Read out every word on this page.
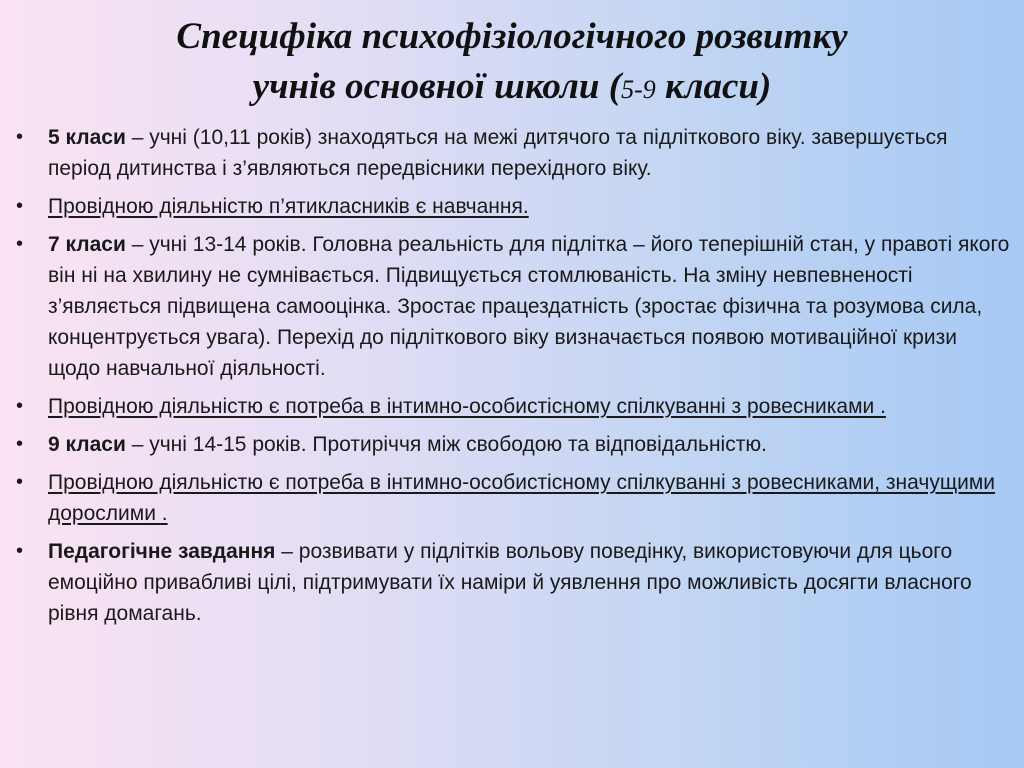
Специфіка психофізіологічного розвитку
учнів основної школи (5-9 класи)
• 5 класи – учні (10,11 років) знаходяться на межі дитячого та підліткового віку. завершується період дитинства і з’являються передвісники перехідного віку.
• Провідною діяльністю п’ятикласників є навчання.
• 7 класи – учні 13-14 років. Головна реальність для підлітка – його теперішній стан, у правоті якого він ні на хвилину не сумнівається. Підвищується стомлюваність. На зміну невпевненості з’являється підвищена самооцінка. Зростає працездатність (зростає фізична та розумова сила, концентрується увага). Перехід до підліткового віку визначається появою мотиваційної кризи щодо навчальної діяльності.
• Провідною діяльністю є потреба в інтимно-особистісному спілкуванні з ровесниками .
• 9 класи – учні 14-15 років. Протиріччя між свободою та відповідальністю.
• Провідною діяльністю є потреба в інтимно-особистісному спілкуванні з ровесниками, значущими дорослими .
• Педагогічне завдання – розвивати у підлітків вольову поведінку, використовуючи для цього емоційно привабливі цілі, підтримувати їх наміри й уявлення про можливість досягти власного рівня домагань.
